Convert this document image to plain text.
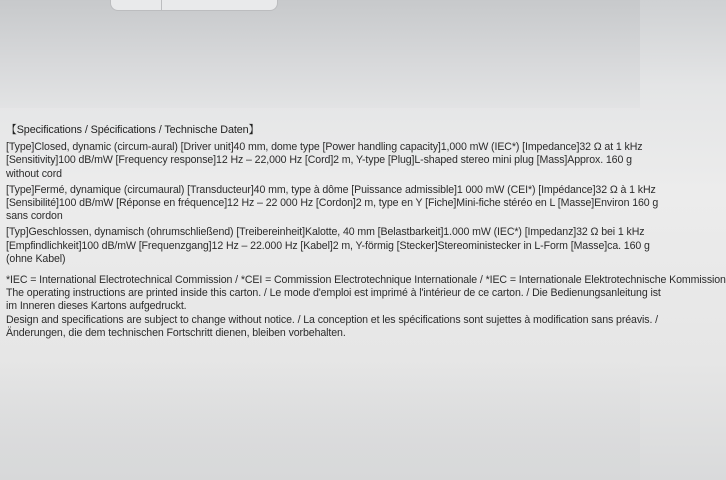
【Specifications / Spécifications / Technische Daten】
[Type]Closed, dynamic (circum-aural) [Driver unit]40 mm, dome type [Power handling capacity]1,000 mW (IEC*) [Impedance]32 Ω at 1 kHz
[Sensitivity]100 dB/mW [Frequency response]12 Hz – 22,000 Hz [Cord]2 m, Y-type [Plug]L-shaped stereo mini plug [Mass]Approx. 160 g
without cord
[Type]Fermé, dynamique (circumaural) [Transducteur]40 mm, type à dôme [Puissance admissible]1 000 mW (CEI*) [Impédance]32 Ω à 1 kHz
[Sensibilité]100 dB/mW [Réponse en fréquence]12 Hz – 22 000 Hz [Cordon]2 m, type en Y [Fiche]Mini-fiche stéréo en L [Masse]Environ 160 g
sans cordon
[Typ]Geschlossen, dynamisch (ohrumschließend) [Treibereinheit]Kalotte, 40 mm [Belastbarkeit]1.000 mW (IEC*) [Impedanz]32 Ω bei 1 kHz
[Empfindlichkeit]100 dB/mW [Frequenzgang]12 Hz – 22.000 Hz [Kabel]2 m, Y-förmig [Stecker]Stereoministecker in L-Form [Masse]ca. 160 g
(ohne Kabel)
*IEC = International Electrotechnical Commission / *CEI = Commission Electrotechnique Internationale / *IEC = Internationale Elektrotechnische Kommission
The operating instructions are printed inside this carton. / Le mode d'emploi est imprimé à l'intérieur de ce carton. / Die Bedienungsanleitung ist
im Inneren dieses Kartons aufgedruckt.
Design and specifications are subject to change without notice. / La conception et les spécifications sont sujettes à modification sans préavis. /
Änderungen, die dem technischen Fortschritt dienen, bleiben vorbehalten.
